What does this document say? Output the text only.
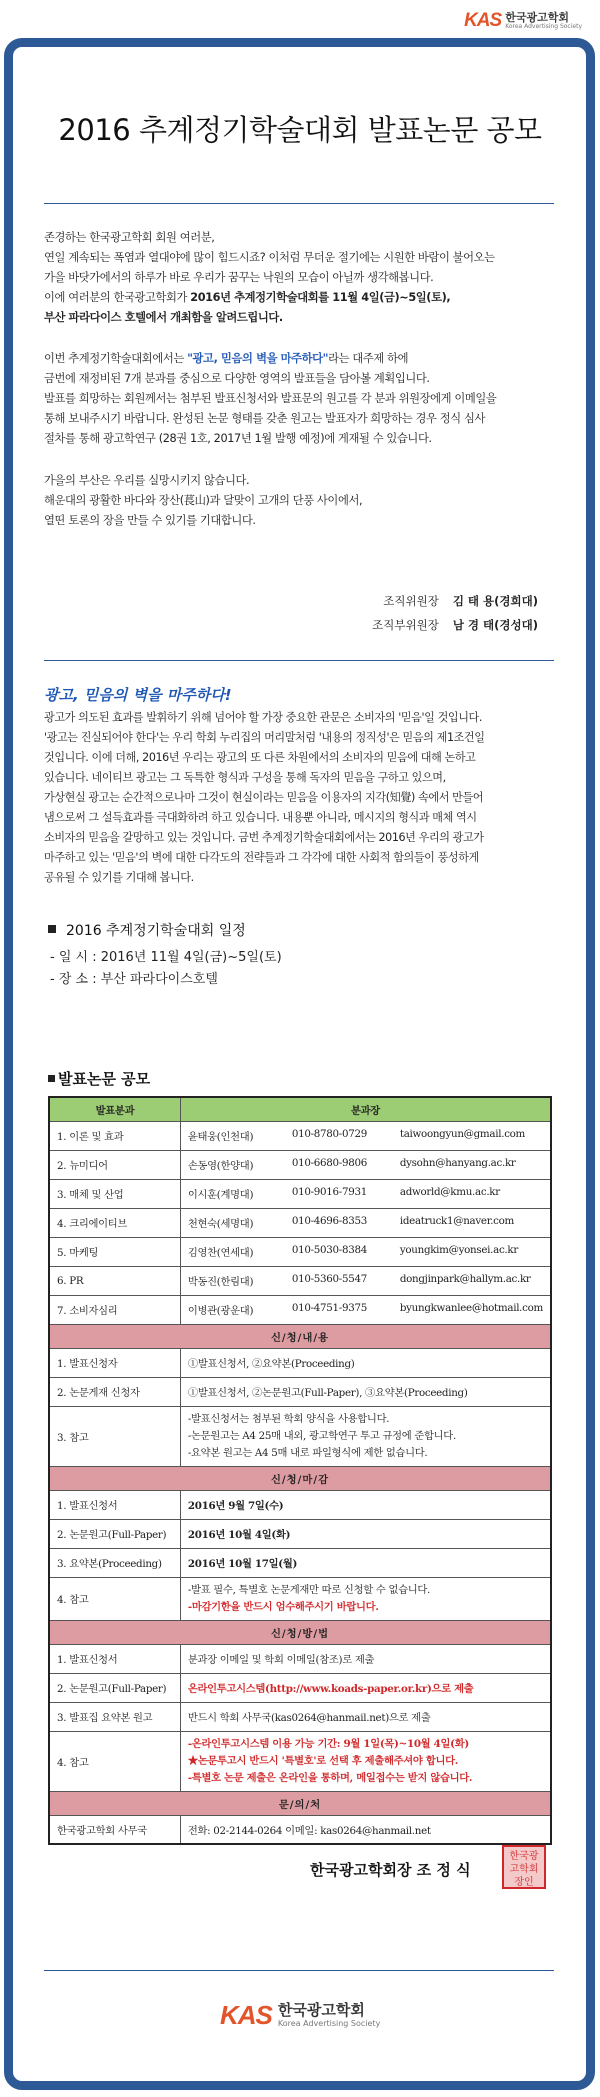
KAS 한국광고학회
Korea Advertising Society
2016 추계정기학술대회 발표논문 공모
존경하는 한국광고학회 회원 여러분,
연일 계속되는 폭염과 열대야에 많이 힘드시죠? 이처럼 무더운 절기에는 시원한 바람이 불어오는
가을 바닷가에서의 하루가 바로 우리가 꿈꾸는 낙원의 모습이 아닐까 생각해봅니다.
이에 여러분의 한국광고학회가 2016년 추계정기학술대회를 11월 4일(금)~5일(토),
부산 파라다이스 호텔에서 개최함을 알려드립니다.
이번 추계정기학술대회에서는 "광고, 믿음의 벽을 마주하다"라는 대주제 하에
금번에 재정비된 7개 분과를 중심으로 다양한 영역의 발표들을 담아볼 계획입니다.
발표를 희망하는 회원께서는 첨부된 발표신청서와 발표문의 원고를 각 분과 위원장에게 이메일을
통해 보내주시기 바랍니다. 완성된 논문 형태를 갖춘 원고는 발표자가 희망하는 경우 정식 심사
절차를 통해 광고학연구 (28권 1호, 2017년 1월 발행 예정)에 게재될 수 있습니다.
가을의 부산은 우리를 실망시키지 않습니다.
해운대의 광활한 바다와 장산(萇山)과 달맞이 고개의 단풍 사이에서,
열띤 토론의 장을 만들 수 있기를 기대합니다.
조직위원장 김 태 용(경희대)
조직부위원장 남 경 태(경성대)
광고, 믿음의 벽을 마주하다!
광고가 의도된 효과를 발휘하기 위해 넘어야 할 가장 중요한 관문은 소비자의 '믿음'일 것입니다.
'광고는 진실되어야 한다'는 우리 학회 누리집의 머리말처럼 '내용의 정직성'은 믿음의 제1조건일
것입니다. 이에 더해, 2016년 우리는 광고의 또 다른 차원에서의 소비자의 믿음에 대해 논하고
있습니다. 네이티브 광고는 그 독특한 형식과 구성을 통해 독자의 믿음을 구하고 있으며,
가상현실 광고는 순간적으로나마 그것이 현실이라는 믿음을 이용자의 지각(知覺) 속에서 만들어
냄으로써 그 설득효과를 극대화하려 하고 있습니다. 내용뿐 아니라, 메시지의 형식과 매체 역시
소비자의 믿음을 갈망하고 있는 것입니다. 금번 추계정기학술대회에서는 2016년 우리의 광고가
마주하고 있는 '믿음'의 벽에 대한 다각도의 전략들과 그 각각에 대한 사회적 함의들이 풍성하게
공유될 수 있기를 기대해 봅니다.
2016 추계정기학술대회 일정
- 일 시 : 2016년 11월 4일(금)~5일(토)
- 장 소 : 부산 파라다이스호텔
발표논문 공모
발표분과	분과장
1. 이론 및 효과	윤태웅(인천대) 010-8780-0729 taiwoongyun@gmail.com

2. 뉴미디어	손동영(한양대) 010-6680-9806 dysohn@hanyang.ac.kr

3. 매체 및 산업	이시훈(계명대) 010-9016-7931 adworld@kmu.ac.kr

4. 크리에이티브	천현숙(세명대) 010-4696-8353 ideatruck1@naver.com

5. 마케팅	김영찬(연세대) 010-5030-8384 youngkim@yonsei.ac.kr

6. PR	박동진(한림대) 010-5360-5547 dongjinpark@hallym.ac.kr

7. 소비자심리	이병관(광운대) 010-4751-9375 byungkwanlee@hotmail.com

신/청/내/용	
1. 발표신청자	①발표신청서, ②요약본(Proceeding)
2. 논문게재 신청자	①발표신청서, ②논문원고(Full-Paper), ③요약본(Proceeding)
3. 참고	-발표신청서는 첨부된 학회 양식을 사용합니다.
-논문원고는 A4 25매 내외, 광고학연구 투고 규정에 준합니다.
-요약본 원고는 A4 5매 내로 파일형식에 제한 없습니다.

신/청/마/감	
1. 발표신청서	2016년 9월 7일(수)
2. 논문원고(Full-Paper)	2016년 10월 4일(화)
3. 요약본(Proceeding)	2016년 10월 17일(월)
4. 참고	-발표 필수, 특별호 논문게재만 따로 신청할 수 없습니다.
-마감기한을 반드시 엄수해주시기 바랍니다.

신/청/방/법	
1. 발표신청서	분과장 이메일 및 학회 이메일(참조)로 제출
2. 논문원고(Full-Paper)	온라인투고시스템(http://www.koads-paper.or.kr)으로 제출
3. 발표집 요약본 원고	반드시 학회 사무국(kas0264@hanmail.net)으로 제출
4. 참고	-온라인투고시스템 이용 가능 기간: 9월 1일(목)~10월 4일(화)
★논문투고시 반드시 '특별호'로 선택 후 제출해주셔야 합니다.
-특별호 논문 제출은 온라인을 통하며, 메일접수는 받지 않습니다.

문/의/처	
한국광고학회 사무국	전화: 02-2144-0264 이메일: kas0264@hanmail.net
한국광고학회장 조 정 식
한국광고학회장인
KAS 한국광고학회
Korea Advertising Society
